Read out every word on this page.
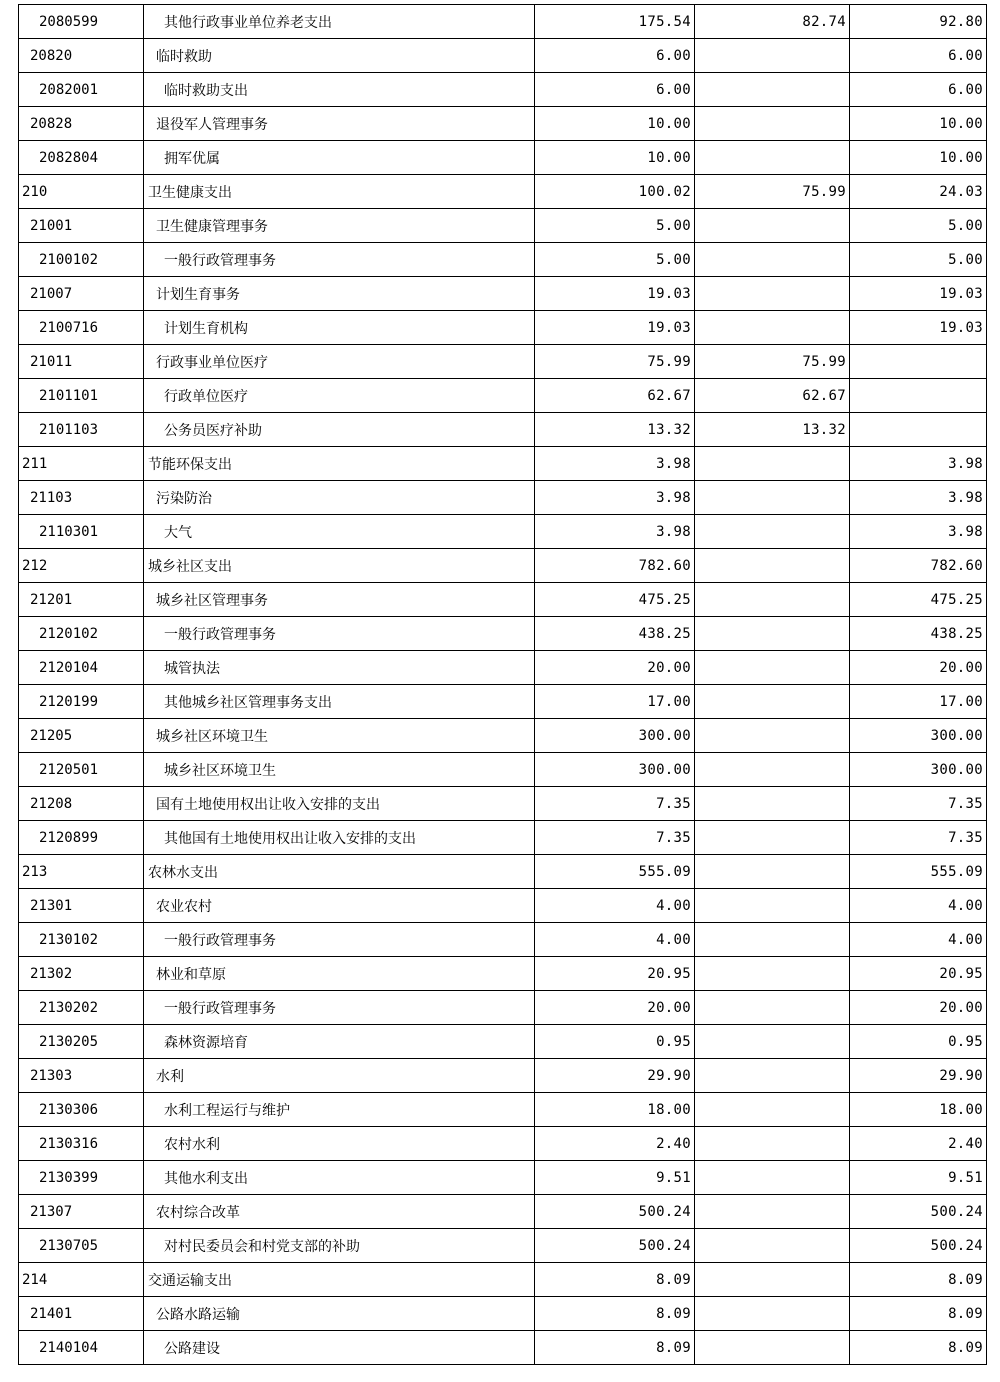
2080599	其他行政事业单位养老支出	175.54	82.74	92.80
20820	临时救助	6.00		6.00
2082001	临时救助支出	6.00		6.00
20828	退役军人管理事务	10.00		10.00
2082804	拥军优属	10.00		10.00
210	卫生健康支出	100.02	75.99	24.03
21001	卫生健康管理事务	5.00		5.00
2100102	一般行政管理事务	5.00		5.00
21007	计划生育事务	19.03		19.03
2100716	计划生育机构	19.03		19.03
21011	行政事业单位医疗	75.99	75.99	
2101101	行政单位医疗	62.67	62.67	
2101103	公务员医疗补助	13.32	13.32	
211	节能环保支出	3.98		3.98
21103	污染防治	3.98		3.98
2110301	大气	3.98		3.98
212	城乡社区支出	782.60		782.60
21201	城乡社区管理事务	475.25		475.25
2120102	一般行政管理事务	438.25		438.25
2120104	城管执法	20.00		20.00
2120199	其他城乡社区管理事务支出	17.00		17.00
21205	城乡社区环境卫生	300.00		300.00
2120501	城乡社区环境卫生	300.00		300.00
21208	国有土地使用权出让收入安排的支出	7.35		7.35
2120899	其他国有土地使用权出让收入安排的支出	7.35		7.35
213	农林水支出	555.09		555.09
21301	农业农村	4.00		4.00
2130102	一般行政管理事务	4.00		4.00
21302	林业和草原	20.95		20.95
2130202	一般行政管理事务	20.00		20.00
2130205	森林资源培育	0.95		0.95
21303	水利	29.90		29.90
2130306	水利工程运行与维护	18.00		18.00
2130316	农村水利	2.40		2.40
2130399	其他水利支出	9.51		9.51
21307	农村综合改革	500.24		500.24
2130705	对村民委员会和村党支部的补助	500.24		500.24
214	交通运输支出	8.09		8.09
21401	公路水路运输	8.09		8.09
2140104	公路建设	8.09		8.09
